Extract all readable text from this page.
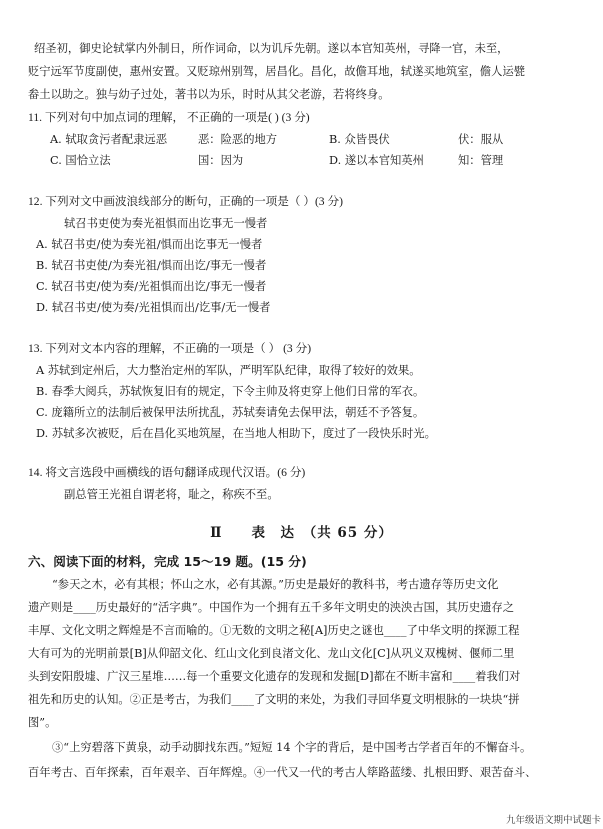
绍圣初，御史论轼掌内外制日，所作词命，以为讥斥先朝。遂以本官知英州，寻降一官，未至，
贬宁远军节度副使，惠州安置。又贬琼州别驾，居昌化。昌化，故儋耳地，轼遂买地筑室，儋人运甓
畚土以助之。独与幼子过处，著书以为乐，时时从其父老游，若将终身。
11. 下列对句中加点词的理解， 不正确的一项是( ) (3 分)
A. 轼取贪污者配隶远恶	恶：险恶的地方	B. 众皆畏伏	伏：服从
C. 国恰立法	国：因为	D. 遂以本官知英州	知：管理
12. 下列对文中画波浪线部分的断句，正确的一项是（ ）(3 分)
轼召书吏使为奏光祖惧而出讫事无一慢者
A. 轼召书吏/使为奏光祖/惧而出讫事无一慢者
B. 轼召书吏使/为奏光祖/惧而出讫/事无一慢者
C. 轼召书吏/使为奏/光祖惧而出讫/事无一慢者
D. 轼召书吏/使为奏/光祖惧而出/讫事/无一慢者
13. 下列对文本内容的理解，不正确的一项是（ ） (3 分)
A 苏轼到定州后，大力整治定州的军队，严明军队纪律，取得了较好的效果。
B. 春季大阅兵，苏轼恢复旧有的规定，下令主帅及将吏穿上他们日常的军衣。
C. 庞籍所立的法制后被保甲法所扰乱，苏轼奏请免去保甲法，朝廷不予答复。
D. 苏轼多次被贬，后在昌化买地筑屋，在当地人相助下，度过了一段快乐时光。
14. 将文言选段中画横线的语句翻译成现代汉语。(6 分)
副总管王光祖自谓老将，耻之，称疾不至。
Ⅱ　　表　达　（共 65 分）
六、阅读下面的材料，完成 15～19 题。(15 分)
“参天之木，必有其根；怀山之水，必有其源。”历史是最好的教科书，考古遗存等历史文化
遗产则是____历史最好的“活字典”。中国作为一个拥有五千多年文明史的泱泱古国，其历史遗存之
丰厚、文化文明之辉煌是不言而喻的。①无数的文明之秘[A]历史之谜也____了中华文明的探源工程
大有可为的光明前景[B]从仰韶文化、红山文化到良渚文化、龙山文化[C]从巩义双槐树、偃师二里
头到安阳殷墟、广汉三星堆……每一个重要文化遗存的发现和发掘[D]都在不断丰富和____着我们对
祖先和历史的认知。②正是考古，为我们____了文明的来处，为我们寻回华夏文明根脉的一块块“拼
图”。
③“上穷碧落下黄泉，动手动脚找东西。”短短 14 个字的背后，是中国考古学者百年的不懈奋斗。
百年考古、百年探索，百年艰辛、百年辉煌。④一代又一代的考古人筚路蓝缕、扎根田野、艰苦奋斗、
九年级语文期中试题卡
